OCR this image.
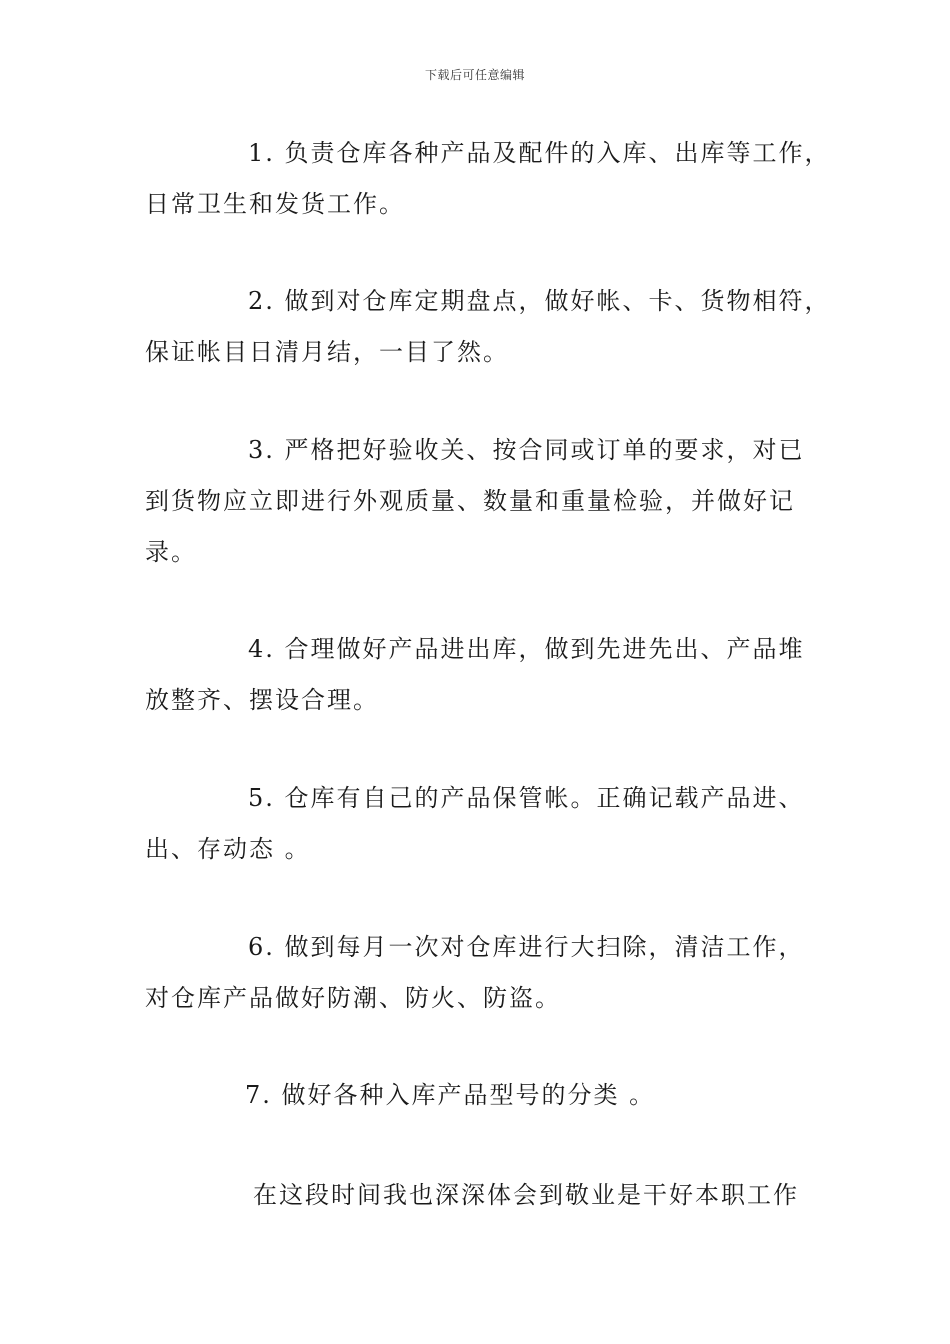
下载后可任意编辑
1. 负责仓库各种产品及配件的入库、出库等工作，
日常卫生和发货工作。
2. 做到对仓库定期盘点，做好帐、卡、货物相符，
保证帐目日清月结，一目了然。
3. 严格把好验收关、按合同或订单的要求，对已
到货物应立即进行外观质量、数量和重量检验，并做好记
录。
4. 合理做好产品进出库，做到先进先出、产品堆
放整齐、摆设合理。
5. 仓库有自己的产品保管帐。正确记载产品进、
出、存动态 。
6. 做到每月一次对仓库进行大扫除，清洁工作，
对仓库产品做好防潮、防火、防盗。
7. 做好各种入库产品型号的分类 。
在这段时间我也深深体会到敬业是干好本职工作
